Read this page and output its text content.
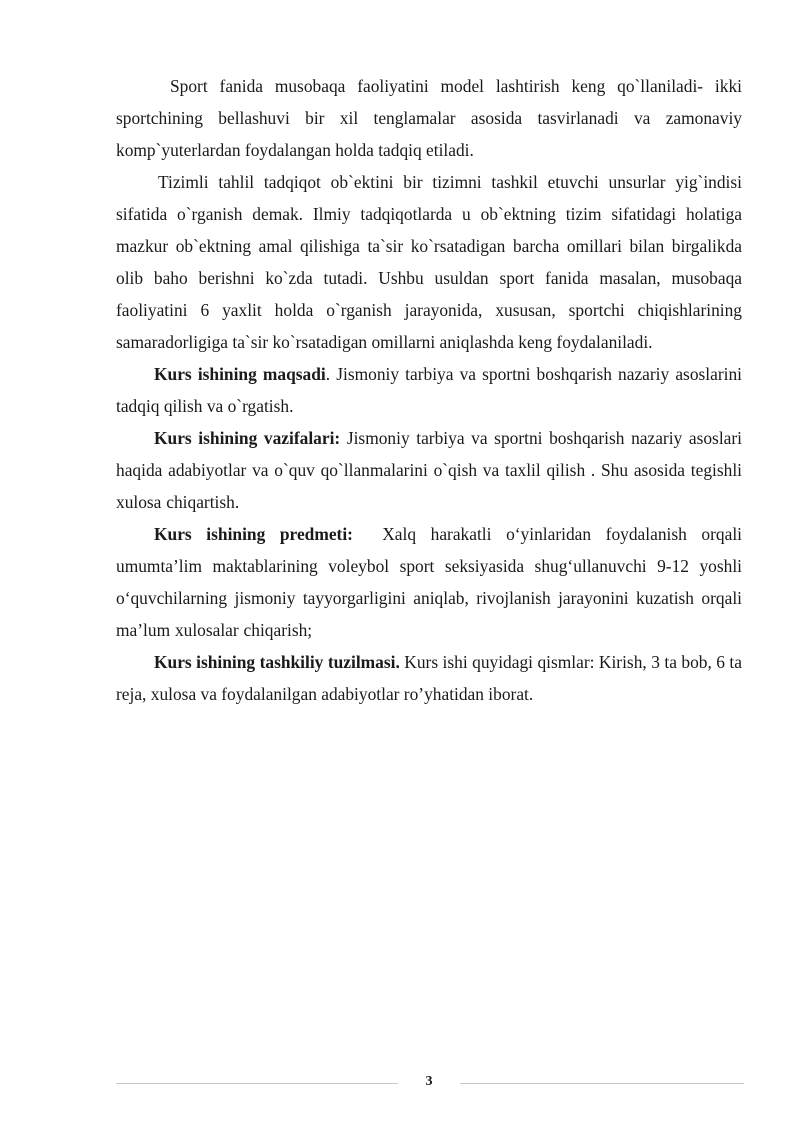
Sport fanida musobaqa faoliyatini model lashtirish keng qo`llaniladi- ikki sportchining bellashuvi bir xil tenglamalar asosida tasvirlanadi va zamonaviy komp`yuterlardan foydalangan holda tadqiq etiladi.

Tizimli tahlil tadqiqot ob`ektini bir tizimni tashkil etuvchi unsurlar yig`indisi sifatida o`rganish demak. Ilmiy tadqiqotlarda u ob`ektning tizim sifatidagi holatiga mazkur ob`ektning amal qilishiga ta`sir ko`rsatadigan barcha omillari bilan birgalikda olib baho berishni ko`zda tutadi. Ushbu usuldan sport fanida masalan, musobaqa faoliyatini 6 yaxlit holda o`rganish jarayonida, xususan, sportchi chiqishlarining samaradorligiga ta`sir ko`rsatadigan omillarni aniqlashda keng foydalaniladi.

Kurs ishining maqsadi. Jismoniy tarbiya va sportni boshqarish nazariy asoslarini tadqiq qilish va o`rgatish.

Kurs ishining vazifalari: Jismoniy tarbiya va sportni boshqarish nazariy asoslari haqida adabiyotlar va o`quv qo`llanmalarini o`qish va taxlil qilish . Shu asosida tegishli xulosa chiqartish.

Kurs ishining predmeti:  Xalq harakatli o‘yinlaridan foydalanish orqali umumta’lim maktablarining voleybol sport seksiyasida shug‘ullanuvchi 9-12 yoshli o‘quvchilarning jismoniy tayyorgarligini aniqlab, rivojlanish jarayonini kuzatish orqali ma’lum xulosalar chiqarish;

Kurs ishining tashkiliy tuzilmasi. Kurs ishi quyidagi qismlar: Kirish, 3 ta bob, 6 ta reja, xulosa va foydalanilgan adabiyotlar ro’yhatidan iborat.

3
